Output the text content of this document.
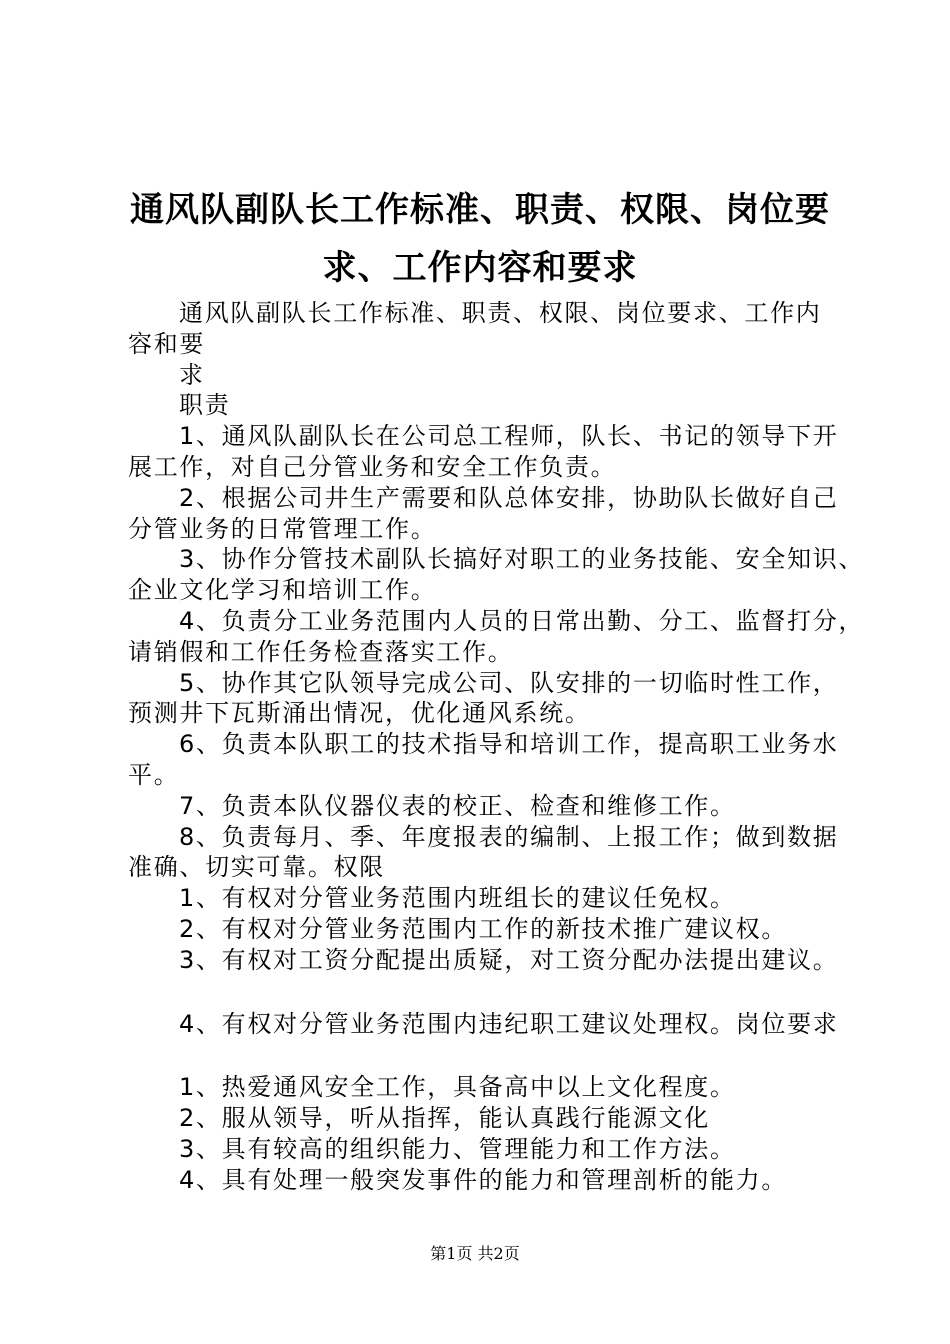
通风队副队长工作标准、职责、权限、岗位要
求、工作内容和要求
通风队副队长工作标准、职责、权限、岗位要求、工作内
容和要
求
职责
1、通风队副队长在公司总工程师，队长、书记的领导下开
展工作，对自己分管业务和安全工作负责。
2、根据公司井生产需要和队总体安排，协助队长做好自己
分管业务的日常管理工作。
3、协作分管技术副队长搞好对职工的业务技能、安全知识、
企业文化学习和培训工作。
4、负责分工业务范围内人员的日常出勤、分工、监督打分，
请销假和工作任务检查落实工作。
5、协作其它队领导完成公司、队安排的一切临时性工作，
预测井下瓦斯涌出情况，优化通风系统。
6、负责本队职工的技术指导和培训工作，提高职工业务水
平。
7、负责本队仪器仪表的校正、检查和维修工作。
8、负责每月、季、年度报表的编制、上报工作；做到数据
准确、切实可靠。权限
1、有权对分管业务范围内班组长的建议任免权。
2、有权对分管业务范围内工作的新技术推广建议权。
3、有权对工资分配提出质疑，对工资分配办法提出建议。
4、有权对分管业务范围内违纪职工建议处理权。岗位要求
1、热爱通风安全工作，具备高中以上文化程度。
2、服从领导，听从指挥，能认真践行能源文化
3、具有较高的组织能力、管理能力和工作方法。
4、具有处理一般突发事件的能力和管理剖析的能力。
第1页 共2页
